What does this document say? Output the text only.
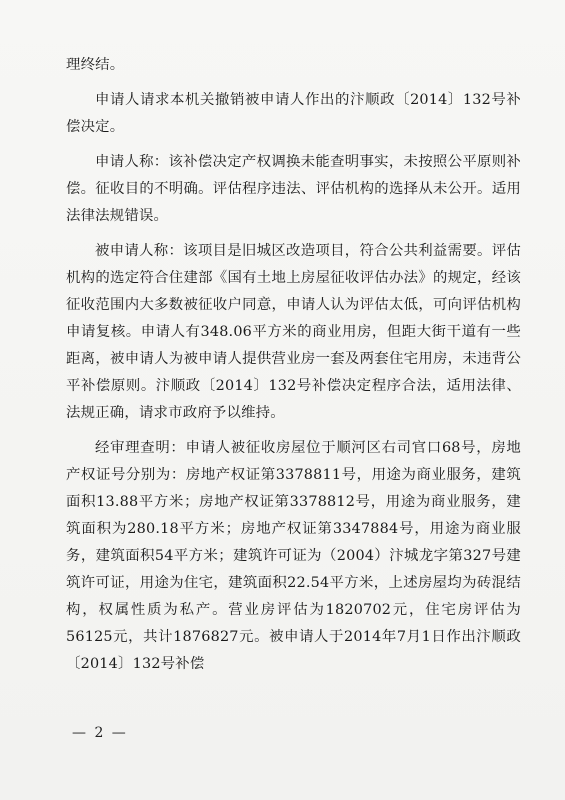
理终结。

申请人请求本机关撤销被申请人作出的汴顺政〔2014〕132号补偿决定。

申请人称：该补偿决定产权调换未能查明事实，未按照公平原则补偿。征收目的不明确。评估程序违法、评估机构的选择从未公开。适用法律法规错误。

被申请人称：该项目是旧城区改造项目，符合公共利益需要。评估机构的选定符合住建部《国有土地上房屋征收评估办法》的规定，经该征收范围内大多数被征收户同意，申请人认为评估太低，可向评估机构申请复核。申请人有348.06平方米的商业用房，但距大街干道有一些距离，被申请人为被申请人提供营业房一套及两套住宅用房，未违背公平补偿原则。汴顺政〔2014〕132号补偿决定程序合法，适用法律、法规正确，请求市政府予以维持。

经审理查明：申请人被征收房屋位于顺河区右司官口68号，房地产权证号分别为：房地产权证第3378811号，用途为商业服务，建筑面积13.88平方米；房地产权证第3378812号，用途为商业服务，建筑面积为280.18平方米；房地产权证第3347884号，用途为商业服务，建筑面积54平方米；建筑许可证为（2004）汴城龙字第327号建筑许可证，用途为住宅，建筑面积22.54平方米，上述房屋均为砖混结构，权属性质为私产。营业房评估为1820702元，住宅房评估为56125元，共计1876827元。被申请人于2014年7月1日作出汴顺政〔2014〕132号补偿

— 2 —
